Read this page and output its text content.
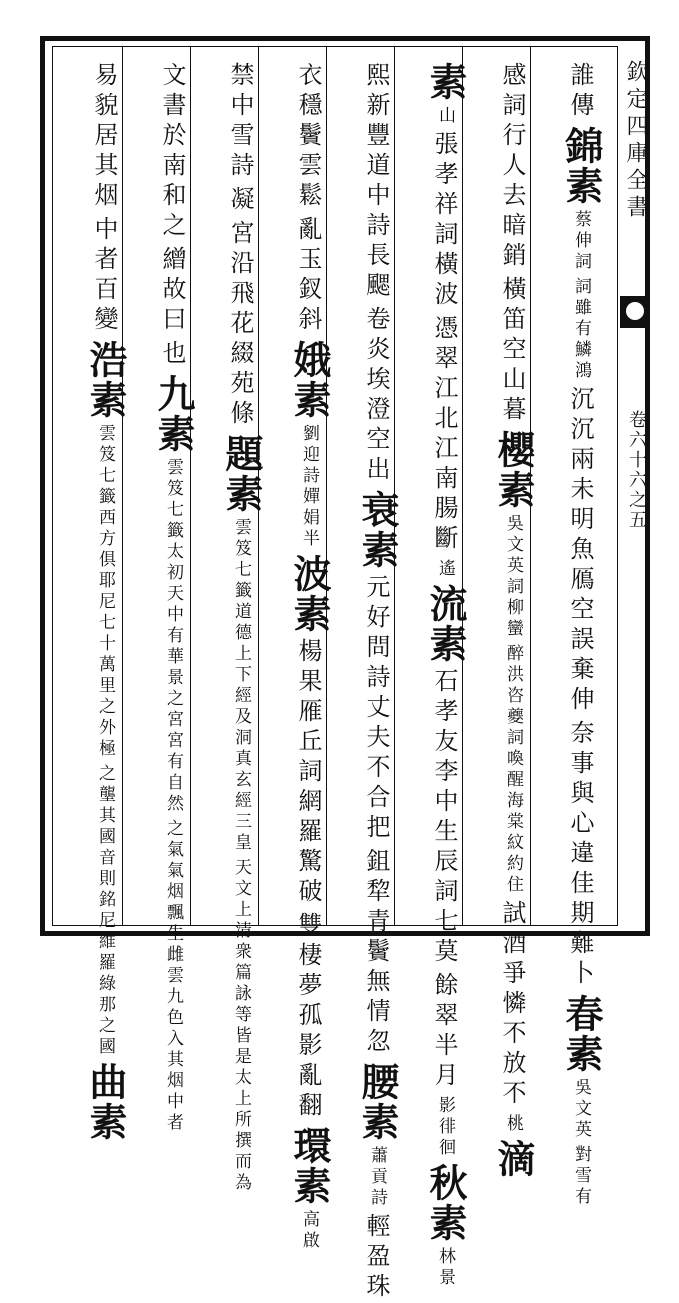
欽定四庫全書
卷六十六之五
誰傳
錦素
蔡伸詞
詞雖有鱗鴻
沉沉兩未明魚鴈空誤棄伸
奈事與心違佳期難卜
春素
吳文英
對雪有
感詞行人去暗銷
橫笛空山暮
櫻素
吳文英詞柳蠻
醉洪咨夔詞喚醒海棠紋約住
試酒爭憐不放不
桃
滴
素
山
張孝祥詞橫波
憑翠江北江南腸斷
遙
流素
石孝友李中生辰詞七莫
餘翠半月
影徘徊
秋素
林景
熙新豐道中詩長颸
卷炎埃澄空出
衰素
元好問詩丈夫不合把
鉏犂青鬢無情忽
腰素
蕭貢詩
輕盈珠
衣穩鬢雲鬆
亂玉釵斜
娥素
劉迎詩嬋娟半
波素
楊果雁丘詞網羅驚破
雙棲夢孤影亂翻
環素
高啟
禁中雪詩
凝
宮沿飛花綴苑條
題素
雲笈七籤道德上下經及洞真玄經三皇
天文上清衆篇詠等皆是太上所撰而為
文書於南和之
繒故曰
也
九素
雲笈七籤太初天中有華景之宮宮有自然
之氣氣烟飄生雌雲九色入其烟中者
易貌居其烟
中者百變
浩素
雲笈七籤西方俱耶尼七十萬里之外極
之壟其國音則銘尼維羅綠那之國
曲素
